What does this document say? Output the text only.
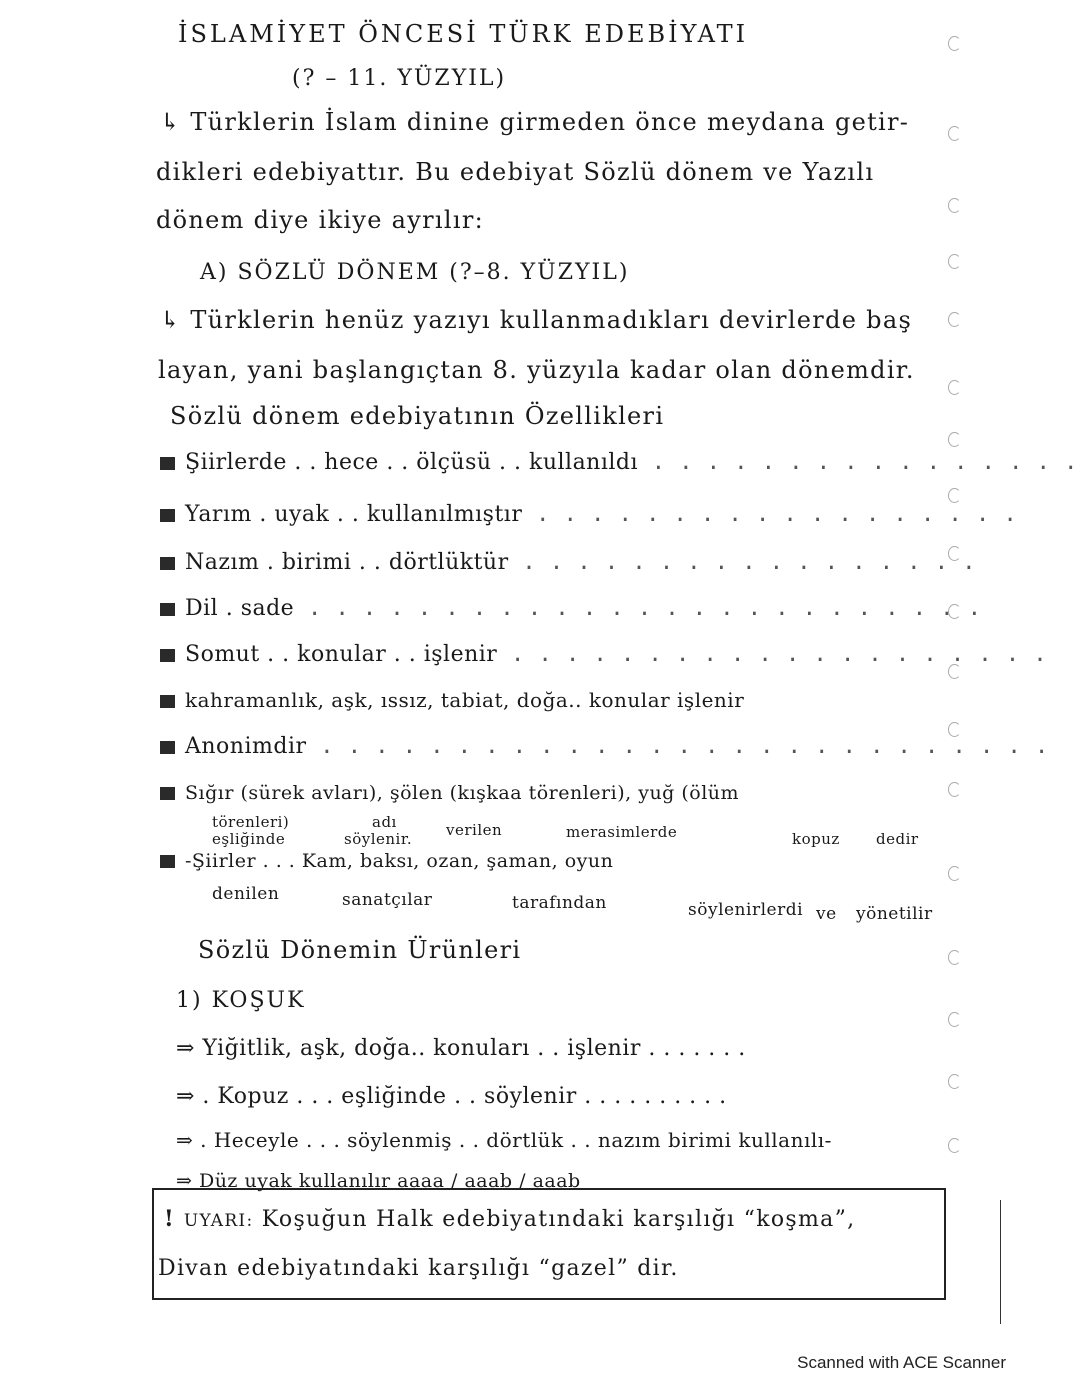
İSLAMİYET ÖNCESİ TÜRK EDEBİYATI
(? – 11. YÜZYIL)
↳ Türklerin İslam dinine girmeden önce meydana getir-
dikleri edebiyattır. Bu edebiyat Sözlü dönem ve Yazılı
dönem diye ikiye ayrılır:
A) SÖZLÜ DÖNEM (?–8. YÜZYIL)
↳ Türklerin henüz yazıyı kullanmadıkları devirlerde baş
layan, yani başlangıçtan 8. yüzyıla kadar olan dönemdir.
Sözlü dönem edebiyatının Özellikleri
Şiirlerde . . hece . . ölçüsü . . kullanıldı . . . . . . . . . . . . . . . .
Yarım . uyak . . kullanılmıştır . . . . . . . . . . . . . . . . . .
Nazım . birimi . . dörtlüktür . . . . . . . . . . . . . . . . .
Dil . sade . . . . . . . . . . . . . . . . . . . . . . . . .
Somut . . konular . . işlenir . . . . . . . . . . . . . . . . . . . .
kahramanlık, aşk, ıssız, tabiat, doğa.. konular işlenir
Anonimdir . . . . . . . . . . . . . . . . . . . . . . . . . . .
Sığır (sürek avları), şölen (kışkaa törenleri), yuğ (ölüm
törenleri)	adı	verilen	merasimlerde	kopuz dedir
eşliğinde	söylenir.
-Şiirler . . . Kam, baksı, ozan, şaman, oyun
denilen	sanatçılar	tarafından	söylenirlerdi ve yönetilir
Sözlü Dönemin Ürünleri
1) KOŞUK
⇒ Yiğitlik, aşk, doğa.. konuları . . işlenir . . . . . . .
⇒ . Kopuz . . . eşliğinde . . söylenir . . . . . . . . . .
⇒ . Heceyle . . . söylenmiş . . dörtlük . . nazım birimi kullanılı-
⇒ Düz uyak kullanılır aaaa / aaab / aaab
! UYARI: Koşuğun Halk edebiyatındaki karşılığı “koşma”,
Divan edebiyatındaki karşılığı “gazel” dir.
Scanned with ACE Scanner
